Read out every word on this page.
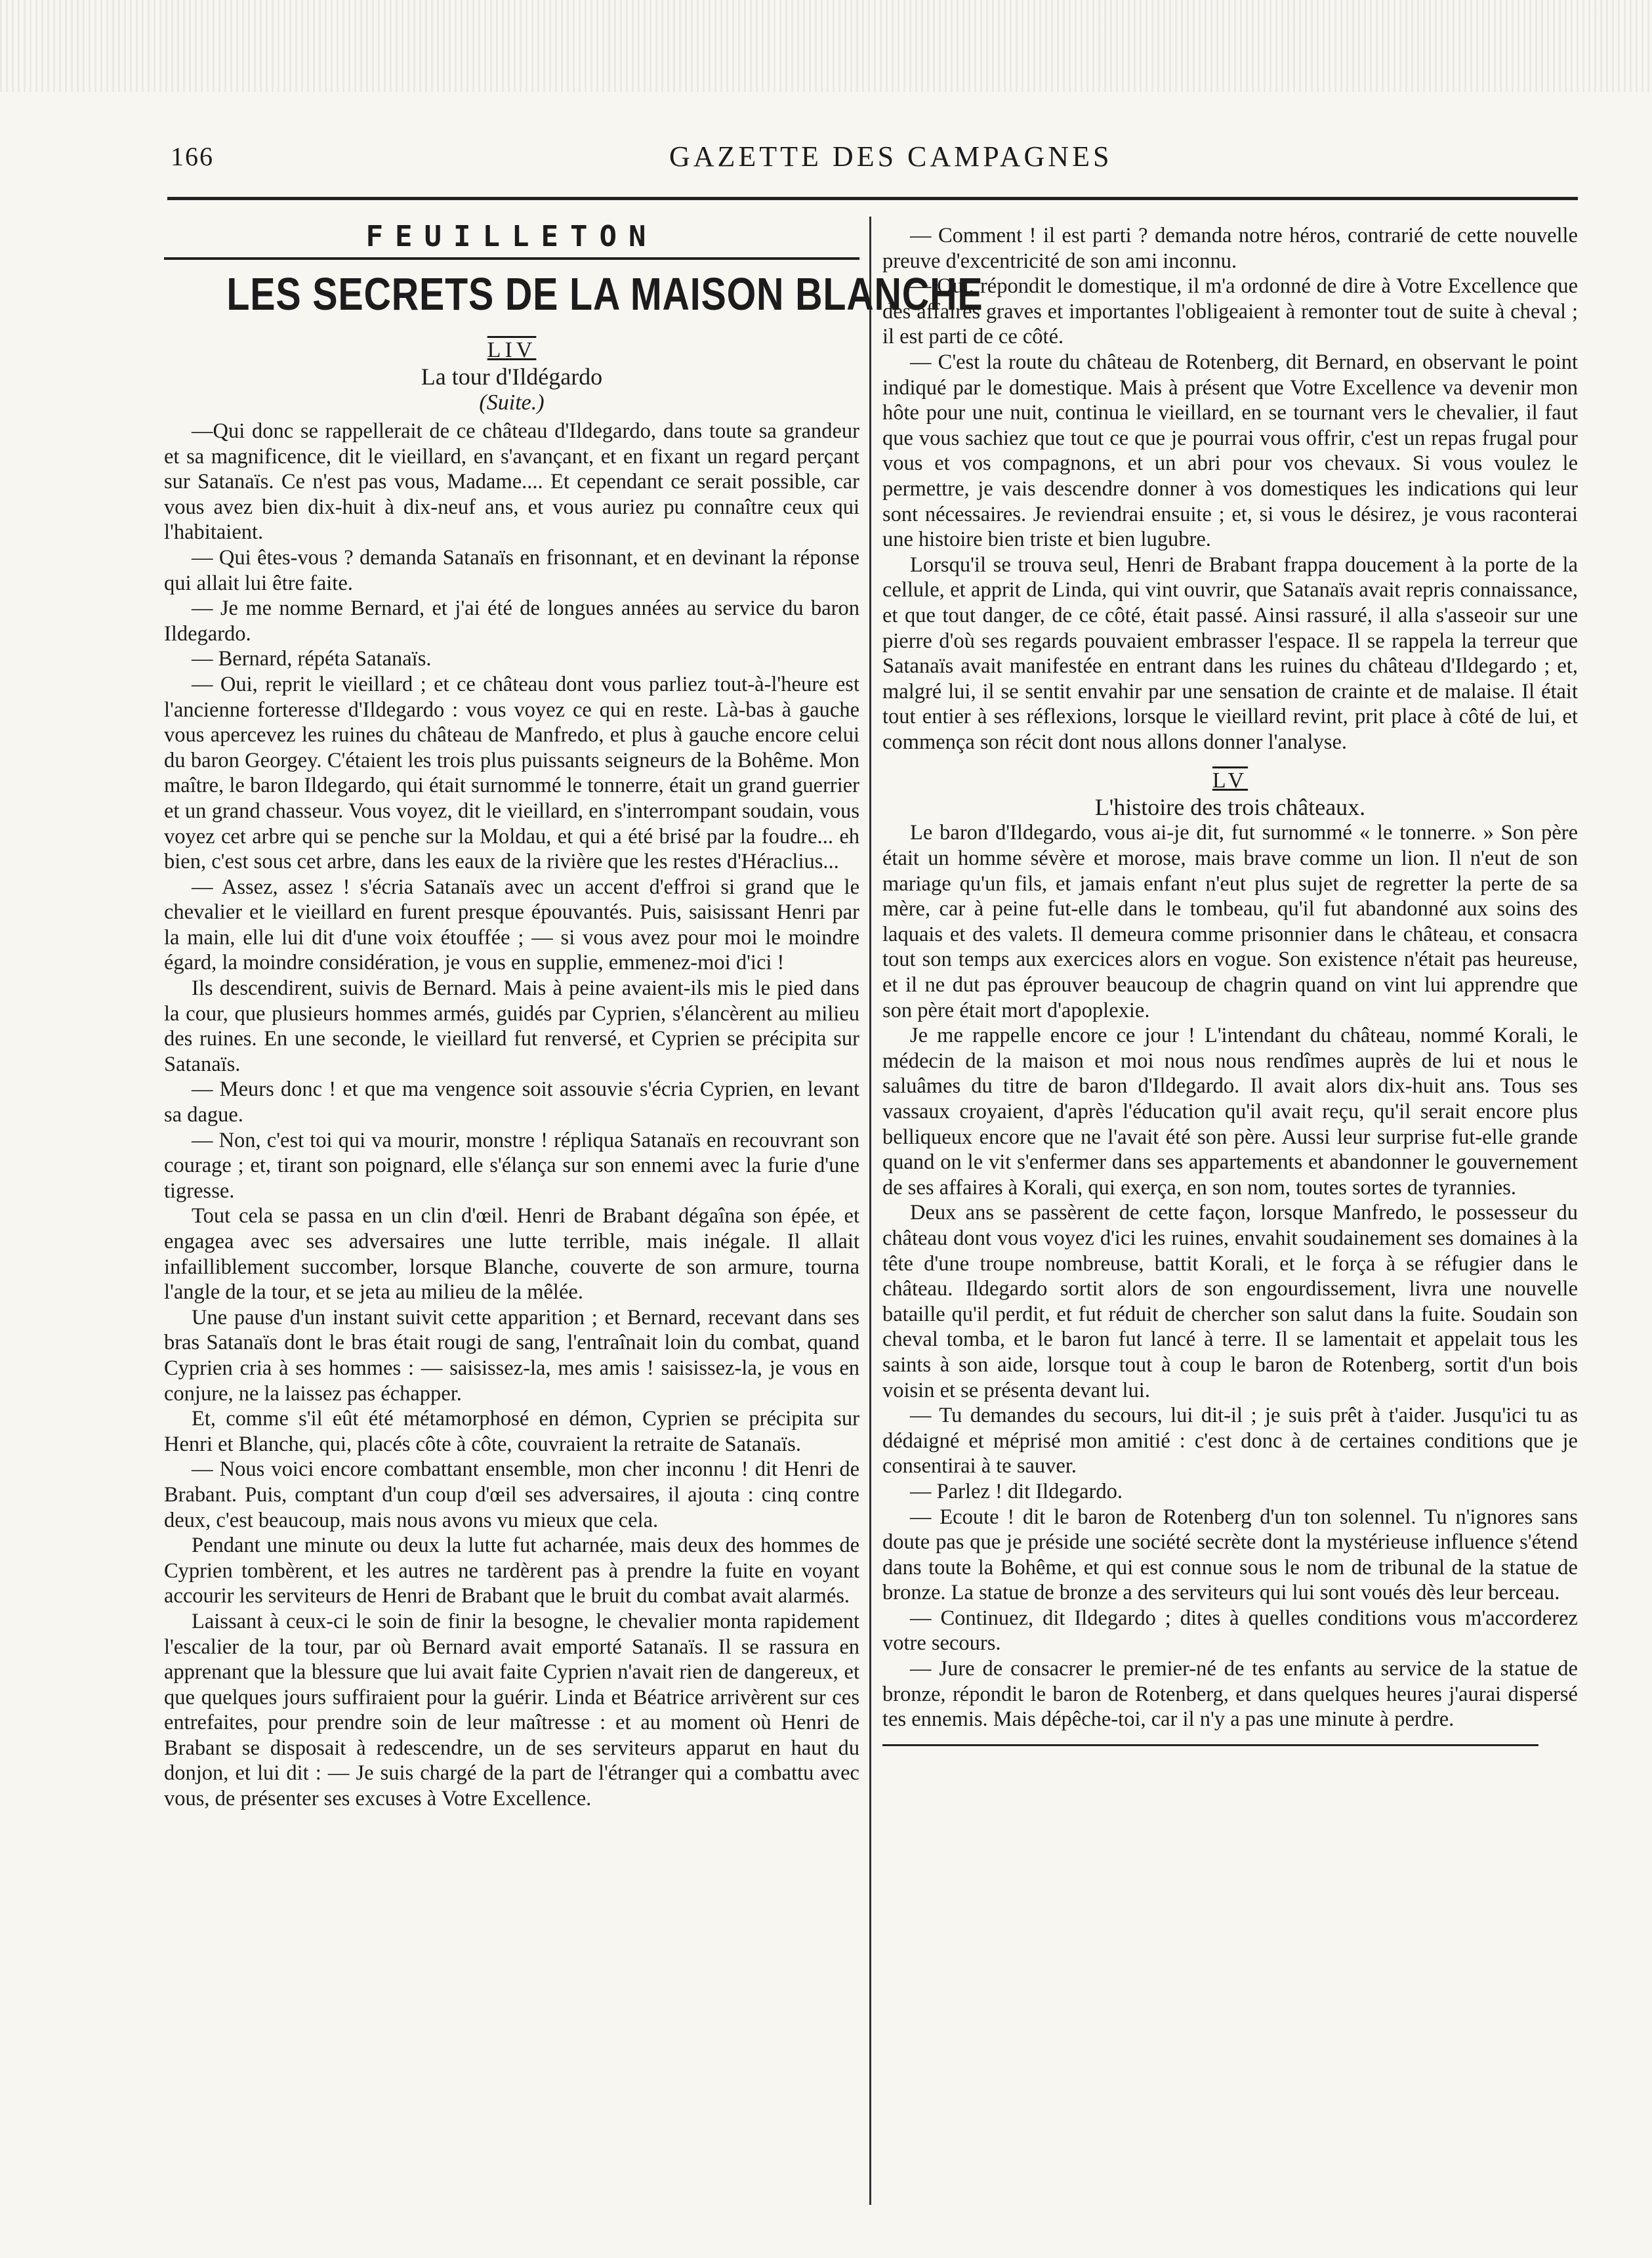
166	GAZETTE DES CAMPAGNES
FEUILLETON
LES SECRETS DE LA MAISON BLANCHE
LIV
La tour d'Ildégardo
(Suite.)

—Qui donc se rappellerait de ce château d'Ildegardo, dans toute sa grandeur et sa magnificence, dit le vieillard, en s'avançant, et en fixant un regard perçant sur Satanaïs. Ce n'est pas vous, Madame.... Et cependant ce serait possible, car vous avez bien dix-huit à dix-neuf ans, et vous auriez pu connaître ceux qui l'habitaient.

— Qui êtes-vous ? demanda Satanaïs en frisonnant, et en devinant la réponse qui allait lui être faite.

— Je me nomme Bernard, et j'ai été de longues années au service du baron Ildegardo.

— Bernard, répéta Satanaïs.

— Oui, reprit le vieillard ; et ce château dont vous parliez tout-à-l'heure est l'ancienne forteresse d'Ildegardo : vous voyez ce qui en reste. Là-bas à gauche vous apercevez les ruines du château de Manfredo, et plus à gauche encore celui du baron Georgey. C'étaient les trois plus puissants seigneurs de la Bohême. Mon maître, le baron Ildegardo, qui était surnommé le tonnerre, était un grand guerrier et un grand chasseur. Vous voyez, dit le vieillard, en s'interrompant soudain, vous voyez cet arbre qui se penche sur la Moldau, et qui a été brisé par la foudre... eh bien, c'est sous cet arbre, dans les eaux de la rivière que les restes d'Héraclius...

— Assez, assez ! s'écria Satanaïs avec un accent d'effroi si grand que le chevalier et le vieillard en furent presque épouvantés. Puis, saisissant Henri par la main, elle lui dit d'une voix étouffée ; — si vous avez pour moi le moindre égard, la moindre considération, je vous en supplie, emmenez-moi d'ici !

Ils descendirent, suivis de Bernard. Mais à peine avaient-ils mis le pied dans la cour, que plusieurs hommes armés, guidés par Cyprien, s'élancèrent au milieu des ruines. En une seconde, le vieillard fut renversé, et Cyprien se précipita sur Satanaïs.

— Meurs donc ! et que ma vengence soit assouvie s'écria Cyprien, en levant sa dague.

— Non, c'est toi qui va mourir, monstre ! répliqua Satanaïs en recouvrant son courage ; et, tirant son poignard, elle s'élança sur son ennemi avec la furie d'une tigresse.

Tout cela se passa en un clin d'œil. Henri de Brabant dégaîna son épée, et engagea avec ses adversaires une lutte terrible, mais inégale. Il allait infailliblement succomber, lorsque Blanche, couverte de son armure, tourna l'angle de la tour, et se jeta au milieu de la mêlée.

Une pause d'un instant suivit cette apparition ; et Bernard, recevant dans ses bras Satanaïs dont le bras était rougi de sang, l'entraînait loin du combat, quand Cyprien cria à ses hommes : — saisissez-la, mes amis ! saisissez-la, je vous en conjure, ne la laissez pas échapper.

Et, comme s'il eût été métamorphosé en démon, Cyprien se précipita sur Henri et Blanche, qui, placés côte à côte, couvraient la retraite de Satanaïs.

— Nous voici encore combattant ensemble, mon cher inconnu ! dit Henri de Brabant. Puis, comptant d'un coup d'œil ses adversaires, il ajouta : cinq contre deux, c'est beaucoup, mais nous avons vu mieux que cela.

Pendant une minute ou deux la lutte fut acharnée, mais deux des hommes de Cyprien tombèrent, et les autres ne tardèrent pas à prendre la fuite en voyant accourir les serviteurs de Henri de Brabant que le bruit du combat avait alarmés.

Laissant à ceux-ci le soin de finir la besogne, le chevalier monta rapidement l'escalier de la tour, par où Bernard avait emporté Satanaïs. Il se rassura en apprenant que la blessure que lui avait faite Cyprien n'avait rien de dangereux, et que quelques jours suffiraient pour la guérir. Linda et Béatrice arrivèrent sur ces entrefaites, pour prendre soin de leur maîtresse : et au moment où Henri de Brabant se disposait à redescendre, un de ses serviteurs apparut en haut du donjon, et lui dit : — Je suis chargé de la part de l'étranger qui a combattu avec vous, de présenter ses excuses à Votre Excellence.

— Comment ! il est parti ? demanda notre héros, contrarié de cette nouvelle preuve d'excentricité de son ami inconnu.

— Oui, répondit le domestique, il m'a ordonné de dire à Votre Excellence que des affaires graves et importantes l'obligeaient à remonter tout de suite à cheval ; il est parti de ce côté.

— C'est la route du château de Rotenberg, dit Bernard, en observant le point indiqué par le domestique. Mais à présent que Votre Excellence va devenir mon hôte pour une nuit, continua le vieillard, en se tournant vers le chevalier, il faut que vous sachiez que tout ce que je pourrai vous offrir, c'est un repas frugal pour vous et vos compagnons, et un abri pour vos chevaux. Si vous voulez le permettre, je vais descendre donner à vos domestiques les indications qui leur sont nécessaires. Je reviendrai ensuite ; et, si vous le désirez, je vous raconterai une histoire bien triste et bien lugubre.

Lorsqu'il se trouva seul, Henri de Brabant frappa doucement à la porte de la cellule, et apprit de Linda, qui vint ouvrir, que Satanaïs avait repris connaissance, et que tout danger, de ce côté, était passé. Ainsi rassuré, il alla s'asseoir sur une pierre d'où ses regards pouvaient embrasser l'espace. Il se rappela la terreur que Satanaïs avait manifestée en entrant dans les ruines du château d'Ildegardo ; et, malgré lui, il se sentit envahir par une sensation de crainte et de malaise. Il était tout entier à ses réflexions, lorsque le vieillard revint, prit place à côté de lui, et commença son récit dont nous allons donner l'analyse.

LV
L'histoire des trois châteaux.

Le baron d'Ildegardo, vous ai-je dit, fut surnommé « le tonnerre. » Son père était un homme sévère et morose, mais brave comme un lion. Il n'eut de son mariage qu'un fils, et jamais enfant n'eut plus sujet de regretter la perte de sa mère, car à peine fut-elle dans le tombeau, qu'il fut abandonné aux soins des laquais et des valets. Il demeura comme prisonnier dans le château, et consacra tout son temps aux exercices alors en vogue. Son existence n'était pas heureuse, et il ne dut pas éprouver beaucoup de chagrin quand on vint lui apprendre que son père était mort d'apoplexie.

Je me rappelle encore ce jour ! L'intendant du château, nommé Korali, le médecin de la maison et moi nous nous rendîmes auprès de lui et nous le saluâmes du titre de baron d'Ildegardo. Il avait alors dix-huit ans. Tous ses vassaux croyaient, d'après l'éducation qu'il avait reçu, qu'il serait encore plus belliqueux encore que ne l'avait été son père. Aussi leur surprise fut-elle grande quand on le vit s'enfermer dans ses appartements et abandonner le gouvernement de ses affaires à Korali, qui exerça, en son nom, toutes sortes de tyrannies.

Deux ans se passèrent de cette façon, lorsque Manfredo, le possesseur du château dont vous voyez d'ici les ruines, envahit soudainement ses domaines à la tête d'une troupe nombreuse, battit Korali, et le força à se réfugier dans le château. Ildegardo sortit alors de son engourdissement, livra une nouvelle bataille qu'il perdit, et fut réduit de chercher son salut dans la fuite. Soudain son cheval tomba, et le baron fut lancé à terre. Il se lamentait et appelait tous les saints à son aide, lorsque tout à coup le baron de Rotenberg, sortit d'un bois voisin et se présenta devant lui.

— Tu demandes du secours, lui dit-il ; je suis prêt à t'aider. Jusqu'ici tu as dédaigné et méprisé mon amitié : c'est donc à de certaines conditions que je consentirai à te sauver.

— Parlez ! dit Ildegardo.

— Ecoute ! dit le baron de Rotenberg d'un ton solennel. Tu n'ignores sans doute pas que je préside une société secrète dont la mystérieuse influence s'étend dans toute la Bohême, et qui est connue sous le nom de tribunal de la statue de bronze. La statue de bronze a des serviteurs qui lui sont voués dès leur berceau.

— Continuez, dit Ildegardo ; dites à quelles conditions vous m'accorderez votre secours.

— Jure de consacrer le premier-né de tes enfants au service de la statue de bronze, répondit le baron de Rotenberg, et dans quelques heures j'aurai dispersé tes ennemis. Mais dépêche-toi, car il n'y a pas une minute à perdre.
